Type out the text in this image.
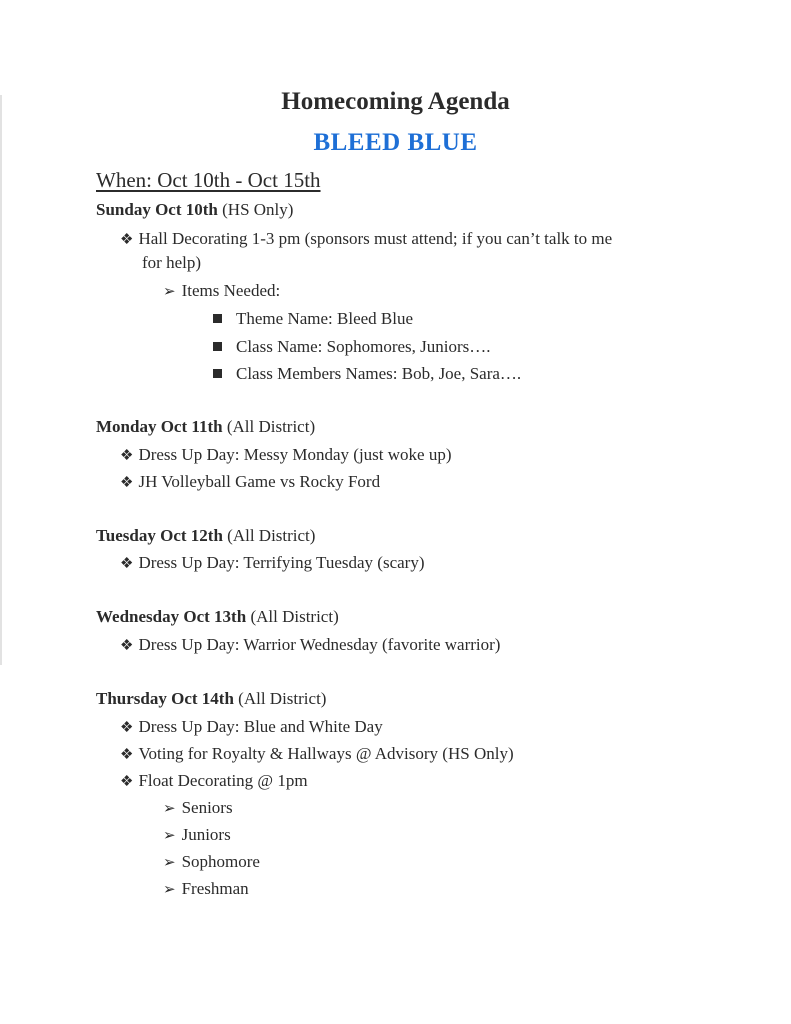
Homecoming Agenda
BLEED BLUE
When: Oct 10th - Oct 15th
Sunday Oct 10th (HS Only)
❖ Hall Decorating 1-3 pm (sponsors must attend; if you can’t talk to me
for help)
➢ Items Needed:
Theme Name: Bleed Blue
Class Name: Sophomores, Juniors….
Class Members Names: Bob, Joe, Sara….
Monday Oct 11th (All District)
❖ Dress Up Day: Messy Monday (just woke up)
❖ JH Volleyball Game vs Rocky Ford
Tuesday Oct 12th (All District)
❖ Dress Up Day: Terrifying Tuesday (scary)
Wednesday Oct 13th (All District)
❖ Dress Up Day: Warrior Wednesday (favorite warrior)
Thursday Oct 14th (All District)
❖ Dress Up Day: Blue and White Day
❖ Voting for Royalty & Hallways @ Advisory (HS Only)
❖ Float Decorating @ 1pm
➢ Seniors
➢ Juniors
➢ Sophomore
➢ Freshman
